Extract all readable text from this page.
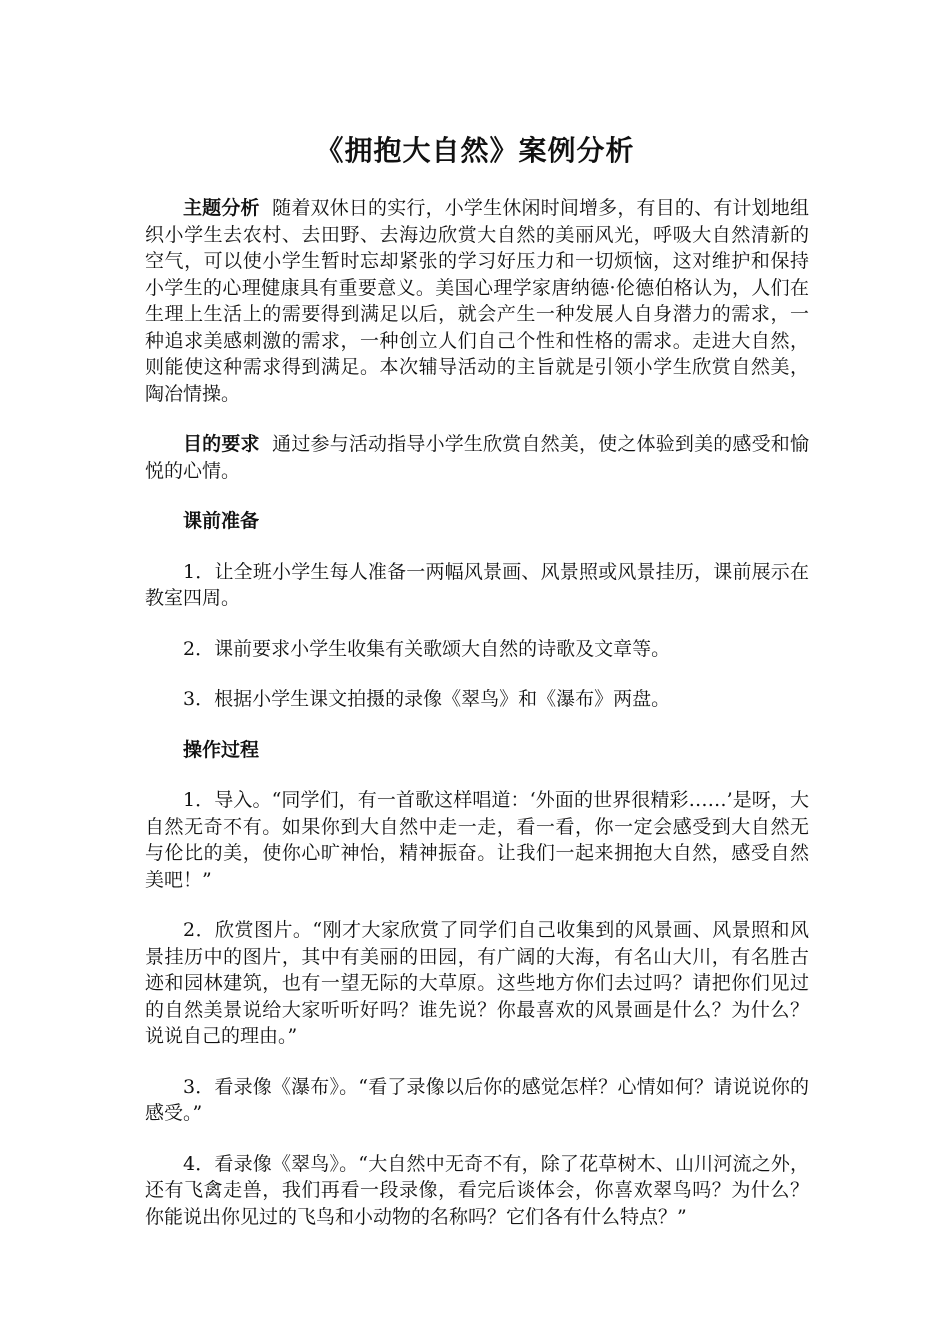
《拥抱大自然》案例分析

主题分析 随着双休日的实行，小学生休闲时间增多，有目的、有计划地组织小学生去农村、去田野、去海边欣赏大自然的美丽风光，呼吸大自然清新的空气，可以使小学生暂时忘却紧张的学习好压力和一切烦恼，这对维护和保持小学生的心理健康具有重要意义。美国心理学家唐纳德·伦德伯格认为，人们在生理上生活上的需要得到满足以后，就会产生一种发展人自身潜力的需求，一种追求美感刺激的需求，一种创立人们自己个性和性格的需求。走进大自然，则能使这种需求得到满足。本次辅导活动的主旨就是引领小学生欣赏自然美，陶冶情操。

目的要求 通过参与活动指导小学生欣赏自然美，使之体验到美的感受和愉悦的心情。

课前准备

1．让全班小学生每人准备一两幅风景画、风景照或风景挂历，课前展示在教室四周。

2．课前要求小学生收集有关歌颂大自然的诗歌及文章等。

3．根据小学生课文拍摄的录像《翠鸟》和《瀑布》两盘。

操作过程

1．导入。“同学们，有一首歌这样唱道：‘外面的世界很精彩……’是呀，大自然无奇不有。如果你到大自然中走一走，看一看，你一定会感受到大自然无与伦比的美，使你心旷神怡，精神振奋。让我们一起来拥抱大自然，感受自然美吧！”

2．欣赏图片。“刚才大家欣赏了同学们自己收集到的风景画、风景照和风景挂历中的图片，其中有美丽的田园，有广阔的大海，有名山大川，有名胜古迹和园林建筑，也有一望无际的大草原。这些地方你们去过吗？请把你们见过的自然美景说给大家听听好吗？谁先说？你最喜欢的风景画是什么？为什么？说说自己的理由。”

3．看录像《瀑布》。“看了录像以后你的感觉怎样？心情如何？请说说你的感受。”

4．看录像《翠鸟》。“大自然中无奇不有，除了花草树木、山川河流之外，还有飞禽走兽，我们再看一段录像，看完后谈体会，你喜欢翠鸟吗？为什么？你能说出你见过的飞鸟和小动物的名称吗？它们各有什么特点？”
